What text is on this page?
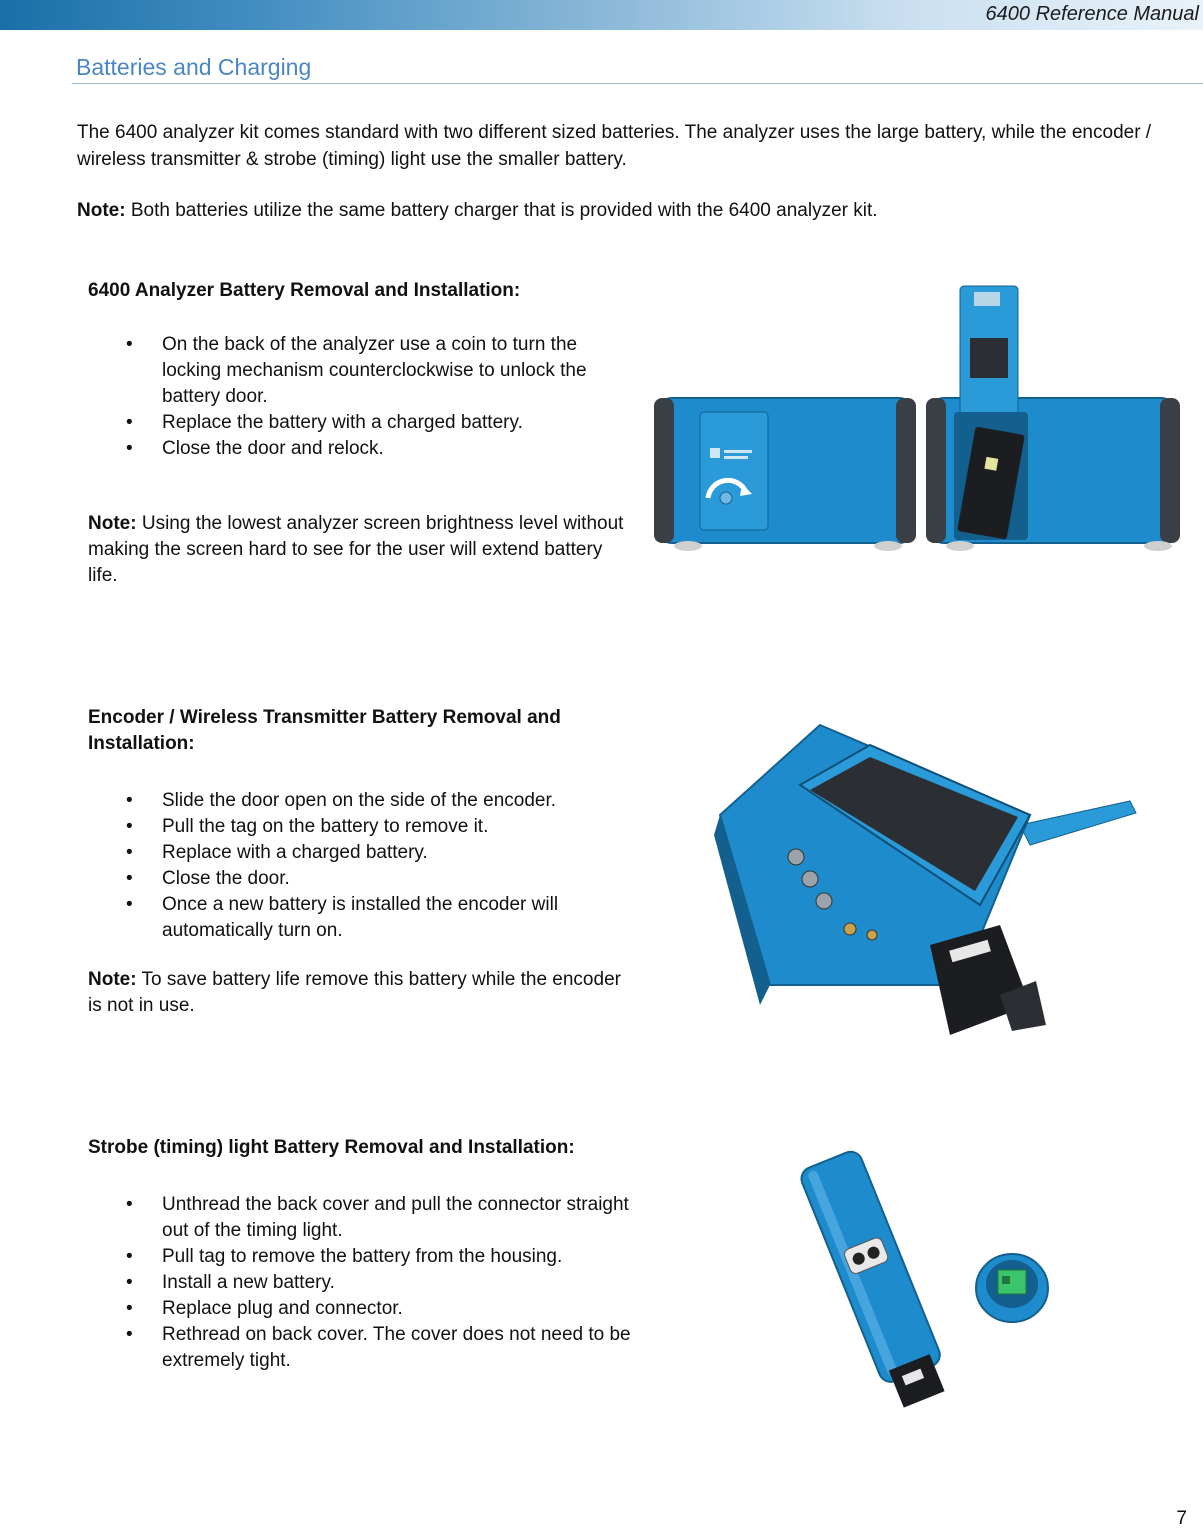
6400 Reference Manual
Batteries and Charging
The 6400 analyzer kit comes standard with two different sized batteries. The analyzer uses the large battery, while the encoder / wireless transmitter & strobe (timing) light use the smaller battery.
Note: Both batteries utilize the same battery charger that is provided with the 6400 analyzer kit.
6400 Analyzer Battery Removal and Installation:
• On the back of the analyzer use a coin to turn the locking mechanism counterclockwise to unlock the battery door.
• Replace the battery with a charged battery.
• Close the door and relock.

Note: Using the lowest analyzer screen brightness level without making the screen hard to see for the user will extend battery life.

Encoder / Wireless Transmitter Battery Removal and Installation:
• Slide the door open on the side of the encoder.
• Pull the tag on the battery to remove it.
• Replace with a charged battery.
• Close the door.
• Once a new battery is installed the encoder will automatically turn on.

Note: To save battery life remove this battery while the encoder is not in use.

Strobe (timing) light Battery Removal and Installation:
• Unthread the back cover and pull the connector straight out of the timing light.
• Pull tag to remove the battery from the housing.
• Install a new battery.
• Replace plug and connector.
• Rethread on back cover. The cover does not need to be extremely tight.
7
